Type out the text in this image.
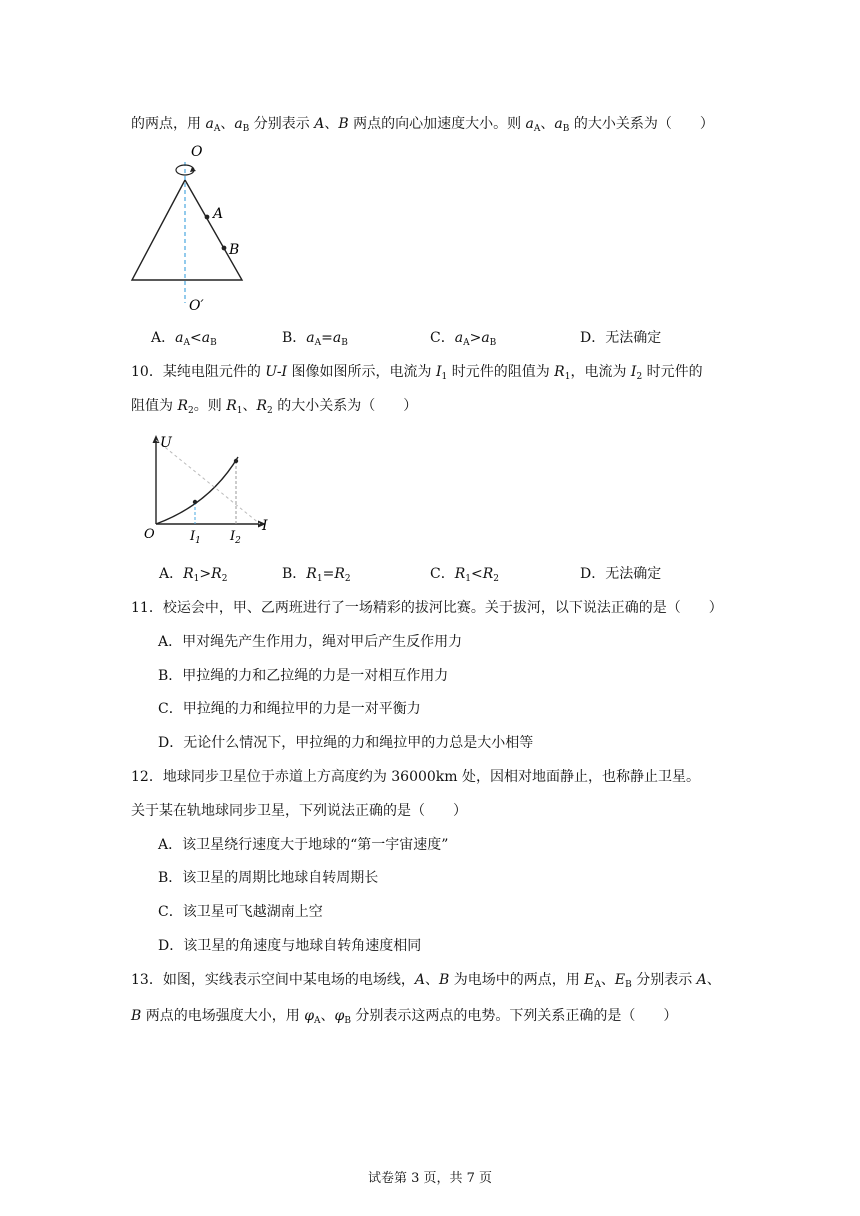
的两点，用 $a_A$、$a_B$ 分别表示 A、B 两点的向心加速度大小。则 $a_A$、$a_B$ 的大小关系为（　　）
O
A
B
O′
A．$a_A<a_B$	B．$a_A=a_B$	C．$a_A>a_B$	D．无法确定
10．某纯电阻元件的 U-I 图像如图所示，电流为 $I_1$ 时元件的阻值为 $R_1$，电流为 $I_2$ 时元件的
阻值为 $R_2$。则 $R_1$、$R_2$ 的大小关系为（　　）
U
I
O	$I_1$ $I_2$
A．$R_1>R_2$	B．$R_1=R_2$	C．$R_1<R_2$	D．无法确定
11．校运会中，甲、乙两班进行了一场精彩的拔河比赛。关于拔河，以下说法正确的是（　　）
A．甲对绳先产生作用力，绳对甲后产生反作用力
B．甲拉绳的力和乙拉绳的力是一对相互作用力
C．甲拉绳的力和绳拉甲的力是一对平衡力
D．无论什么情况下，甲拉绳的力和绳拉甲的力总是大小相等
12．地球同步卫星位于赤道上方高度约为 36000km 处，因相对地面静止，也称静止卫星。
关于某在轨地球同步卫星，下列说法正确的是（　　）
A．该卫星绕行速度大于地球的“第一宇宙速度”
B．该卫星的周期比地球自转周期长
C．该卫星可飞越湖南上空
D．该卫星的角速度与地球自转角速度相同
13．如图，实线表示空间中某电场的电场线，A、B 为电场中的两点，用 $E_A$、$E_B$ 分别表示 A、
B 两点的电场强度大小，用 $\varphi_A$、$\varphi_B$ 分别表示这两点的电势。下列关系正确的是（　　）
试卷第 3 页，共 7 页
